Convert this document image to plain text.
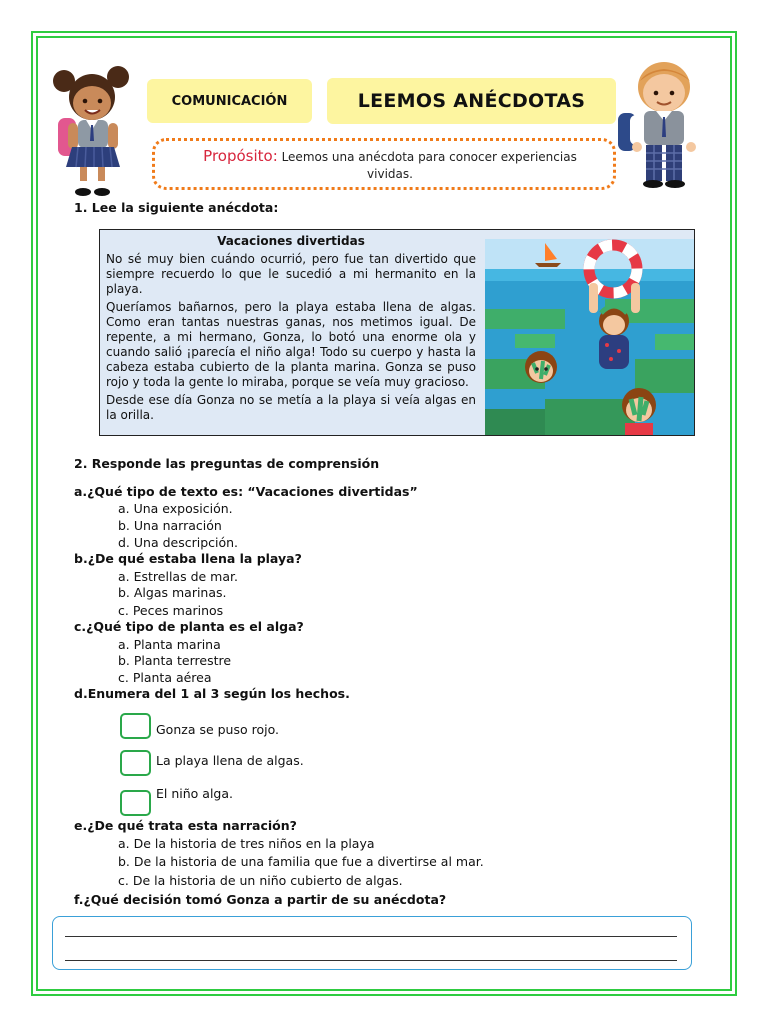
COMUNICACIÓN	LEEMOS ANÉCDOTAS
Propósito: Leemos una anécdota para conocer experiencias vividas.
1. Lee la siguiente anécdota:
Vacaciones divertidas

No sé muy bien cuándo ocurrió, pero fue tan divertido que siempre recuerdo lo que le sucedió a mi hermanito en la playa.

Queríamos bañarnos, pero la playa estaba llena de algas. Como eran tantas nuestras ganas, nos metimos igual. De repente, a mi hermano, Gonza, lo botó una enorme ola y cuando salió ¡parecía el niño alga! Todo su cuerpo y hasta la cabeza estaba cubierto de la planta marina. Gonza se puso rojo y toda la gente lo miraba, porque se veía muy gracioso.

Desde ese día Gonza no se metía a la playa si veía algas en la orilla.

2. Responde las preguntas de comprensión
a.¿Qué tipo de texto es: “Vacaciones divertidas”
a. Una exposición.
b. Una narración
d. Una descripción.
b.¿De qué estaba llena la playa?
a. Estrellas de mar.
b. Algas marinas.
c. Peces marinos
c.¿Qué tipo de planta es el alga?
a. Planta marina
b. Planta terrestre
c. Planta aérea
d.Enumera del 1 al 3 según los hechos.
Gonza se puso rojo.
La playa llena de algas.
El niño alga.
e.¿De qué trata esta narración?
a. De la historia de tres niños en la playa
b. De la historia de una familia que fue a divertirse al mar.
c. De la historia de un niño cubierto de algas.
f.¿Qué decisión tomó Gonza a partir de su anécdota?
